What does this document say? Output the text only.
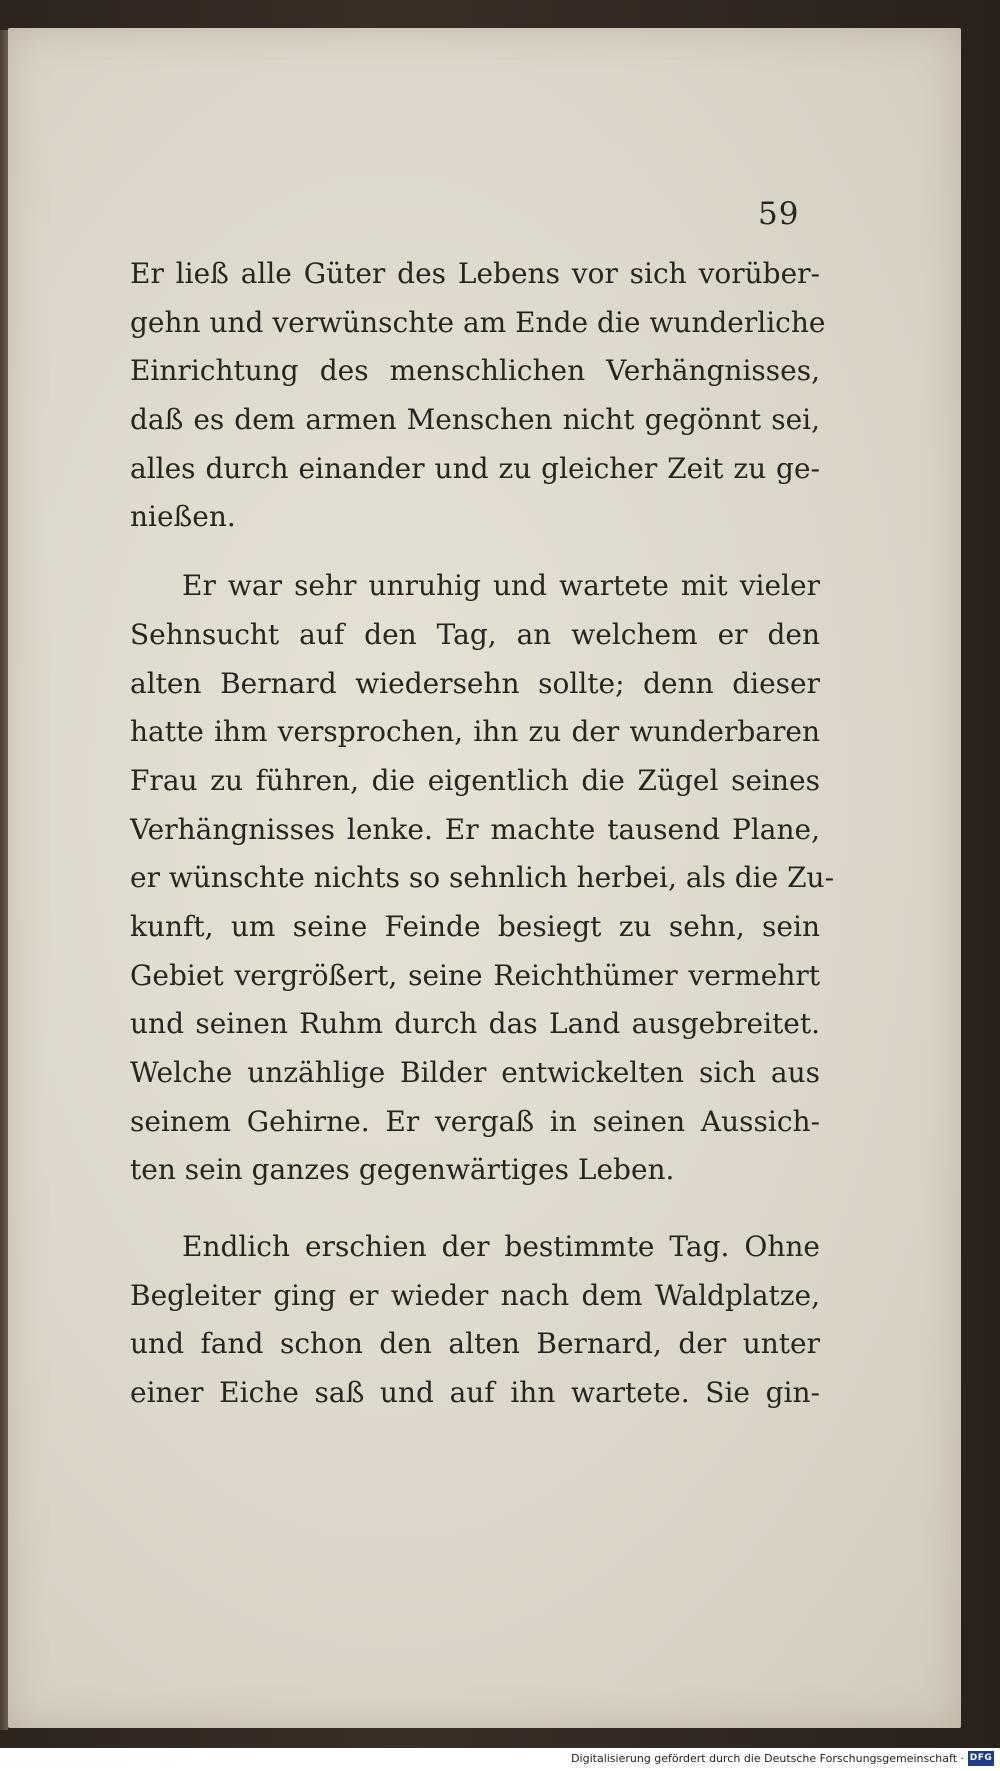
59
Er ließ alle Güter des Lebens vor sich vorüber-
gehn und verwünschte am Ende die wunderliche
Einrichtung des menschlichen Verhängnisses,
daß es dem armen Menschen nicht gegönnt sei,
alles durch einander und zu gleicher Zeit zu ge-
nießen.
Er war sehr unruhig und wartete mit vieler
Sehnsucht auf den Tag, an welchem er den
alten Bernard wiedersehn sollte; denn dieser
hatte ihm versprochen, ihn zu der wunderbaren
Frau zu führen, die eigentlich die Zügel seines
Verhängnisses lenke. Er machte tausend Plane,
er wünschte nichts so sehnlich herbei, als die Zu-
kunft, um seine Feinde besiegt zu sehn, sein
Gebiet vergrößert, seine Reichthümer vermehrt
und seinen Ruhm durch das Land ausgebreitet.
Welche unzählige Bilder entwickelten sich aus
seinem Gehirne. Er vergaß in seinen Aussich-
ten sein ganzes gegenwärtiges Leben.
Endlich erschien der bestimmte Tag. Ohne
Begleiter ging er wieder nach dem Waldplatze,
und fand schon den alten Bernard, der unter
einer Eiche saß und auf ihn wartete. Sie gin-
Digitalisierung gefördert durch die Deutsche Forschungsgemeinschaft · DFG
